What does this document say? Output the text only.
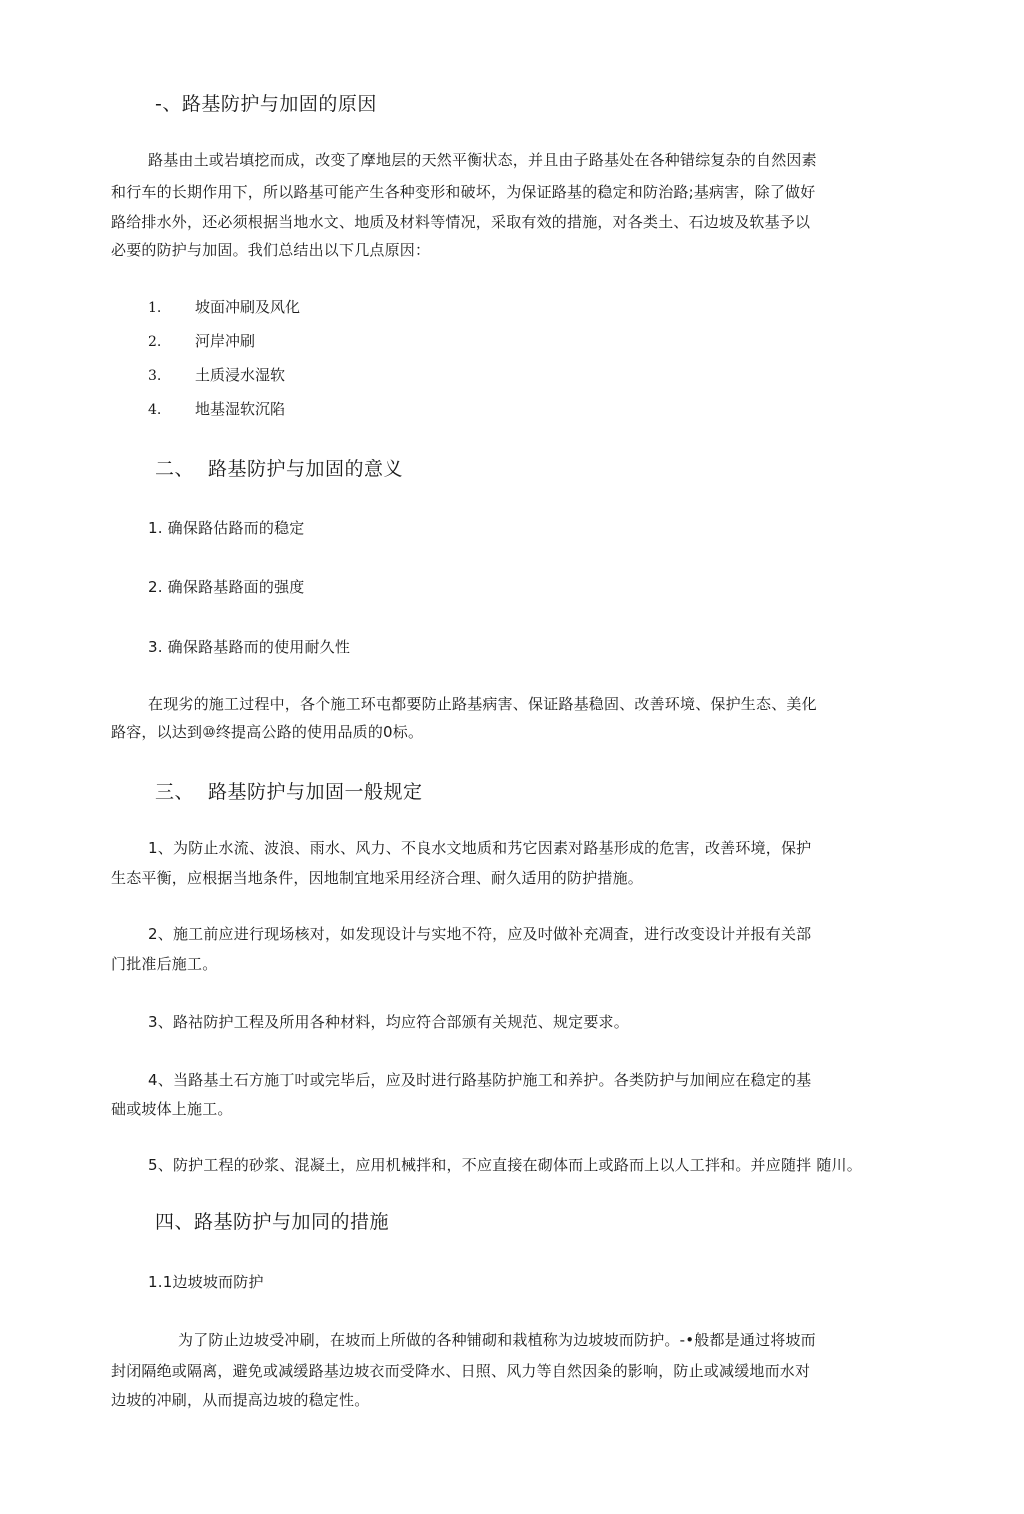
-、路基防护与加固的原因
路基由土或岩填挖而成，改变了摩地层的天然平衡状态，并且由子路基处在各种错综复杂的自然因素
和行车的长期作用下，所以路基可能产生各种变形和破坏，为保证路基的稳定和防治路;基病害，除了做好
路给排水外，还必须根据当地水文、地质及材料等情况，采取有效的措施，对各类土、石边坡及软基予以
必要的防护与加固。我们总结出以下几点原因：
1. 坡面冲刷及风化
2. 河岸冲刷
3. 土质浸水湿软
4. 地基湿软沉陷
二、 路基防护与加固的意义
1. 确保路估路而的稳定
2. 确保路基路面的强度
3. 确保路基路而的使用耐久性
在现劣的施工过程中，各个施工环屯都要防止路基病害、保证路基稳固、改善环境、保护生态、美化
路容，以达到⑩终提高公路的使用品质的0标。
三、 路基防护与加固一般规定
1、为防止水流、波浪、雨水、风力、不良水文地质和艿它因素对路基形成的危害，改善环境，保护
生态平衡，应根据当地条件，因地制宜地采用经济合理、耐久适用的防护措施。
2、施工前应进行现场核对，如发现设计与实地不符，应及吋做补充凋査，进行改变设计并报有关部
门批准后施工。
3、路祜防护工程及所用各种材料，均应符合部颁有关规范、规定要求。
4、当路基土石方施丁吋或完毕后，应及时进行路基防护施工和养护。各类防护与加闸应在稳定的基
础或坡体上施工。
5、防护工程的砂浆、混凝土，应用机械拌和，不应直接在砌体而上或路而上以人工拌和。并应随拌 随川。
四、路基防护与加同的措施
1.1边坡坡而防护
为了防止边坡受冲刷，在坡而上所做的各种铺砌和栽植称为边坡坡而防护。-•般都是通过将坡而
封闭隔绝或隔离，避免或减缓路基边坡衣而受降水、日照、风力等自然因粂的影响，防止或减缓地而水对
边坡的冲刷，从而提高边坡的稳定性。
